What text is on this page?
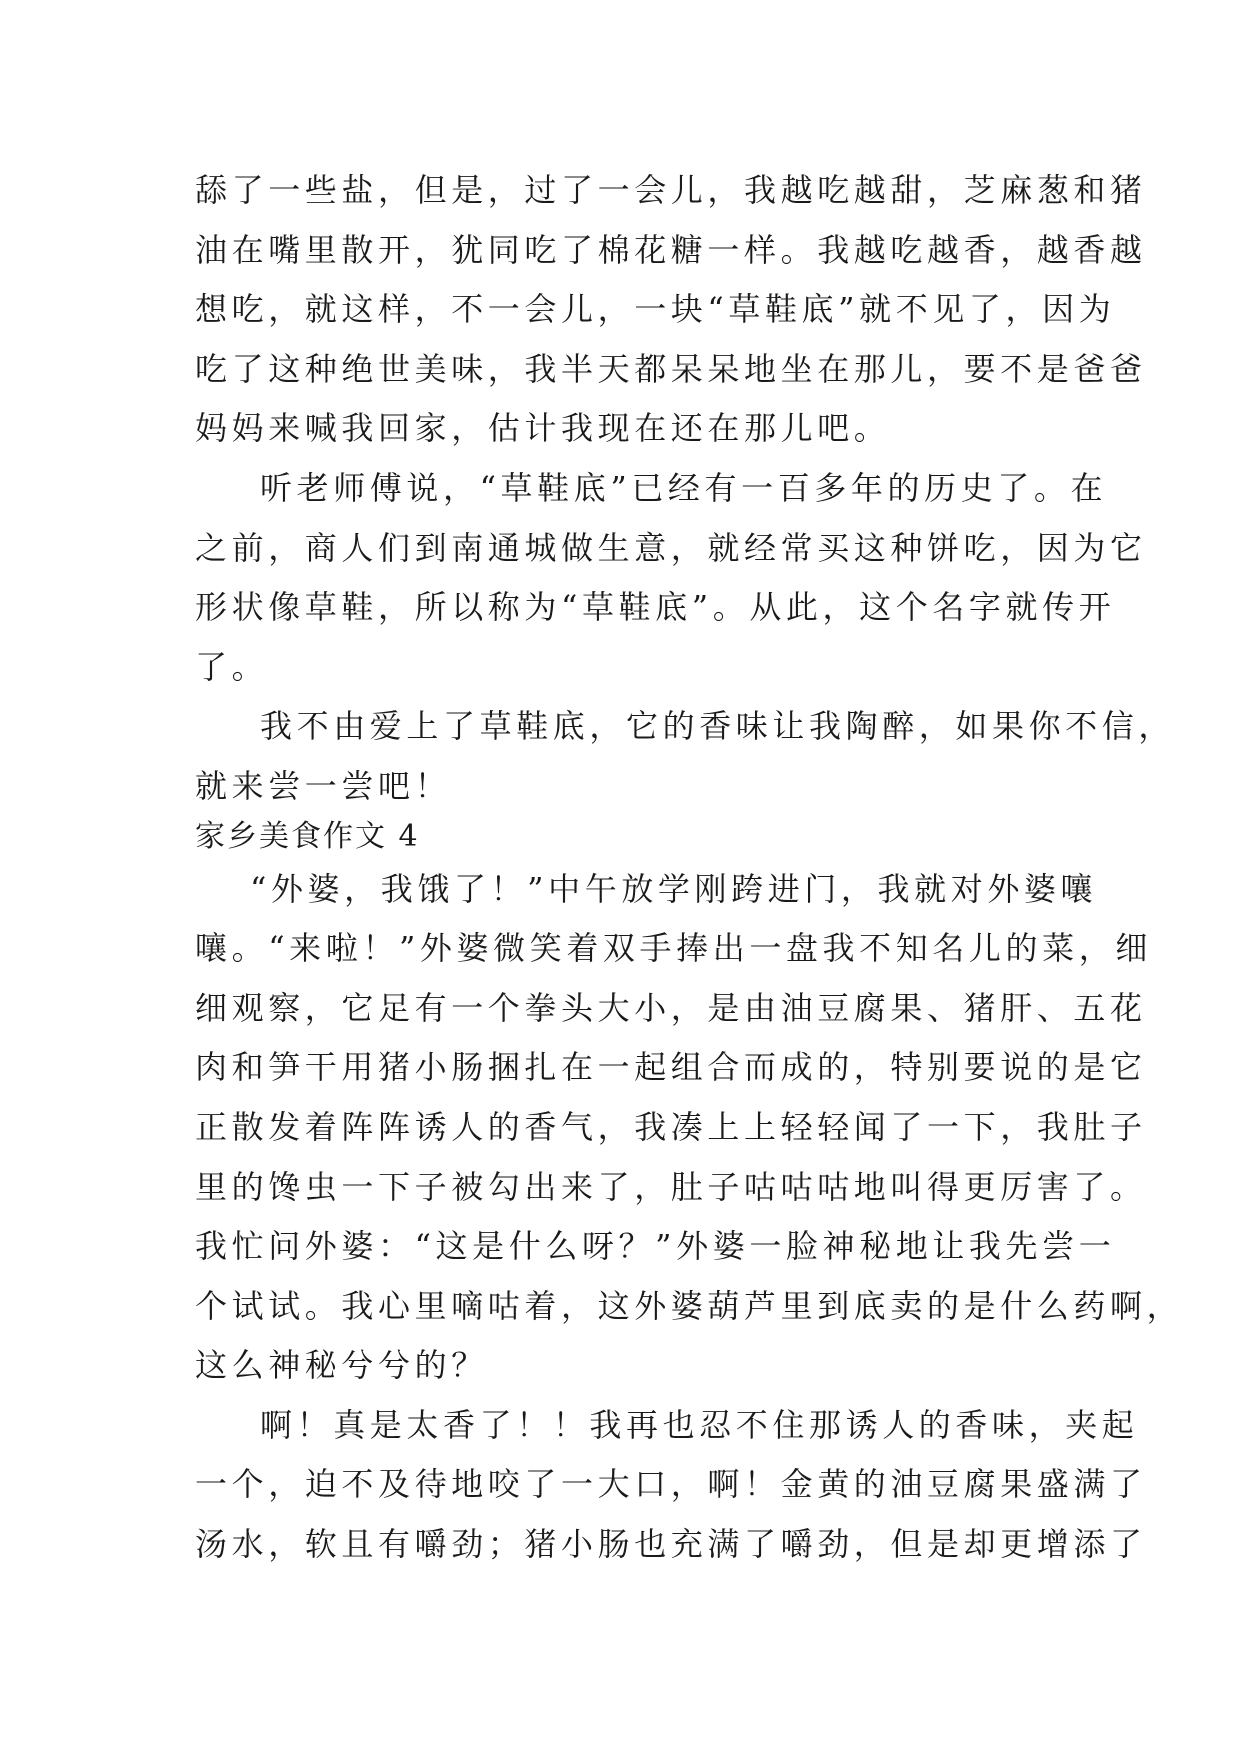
舔了一些盐，但是，过了一会儿，我越吃越甜，芝麻葱和猪
油在嘴里散开，犹同吃了棉花糖一样。我越吃越香，越香越
想吃，就这样，不一会儿，一块“草鞋底”就不见了，因为
吃了这种绝世美味，我半天都呆呆地坐在那儿，要不是爸爸
妈妈来喊我回家，估计我现在还在那儿吧。
听老师傅说，“草鞋底”已经有一百多年的历史了。在
之前，商人们到南通城做生意，就经常买这种饼吃，因为它
形状像草鞋，所以称为“草鞋底”。从此，这个名字就传开
了。
我不由爱上了草鞋底，它的香味让我陶醉，如果你不信，
就来尝一尝吧！
家乡美食作文 4
“外婆，我饿了！”中午放学刚跨进门，我就对外婆嚷
嚷。“来啦！”外婆微笑着双手捧出一盘我不知名儿的菜，细
细观察，它足有一个拳头大小，是由油豆腐果、猪肝、五花
肉和笋干用猪小肠捆扎在一起组合而成的，特别要说的是它
正散发着阵阵诱人的香气，我凑上上轻轻闻了一下，我肚子
里的馋虫一下子被勾出来了，肚子咕咕咕地叫得更厉害了。
我忙问外婆：“这是什么呀？”外婆一脸神秘地让我先尝一
个试试。我心里嘀咕着，这外婆葫芦里到底卖的是什么药啊，
这么神秘兮兮的？
啊！真是太香了！！我再也忍不住那诱人的香味，夹起
一个，迫不及待地咬了一大口，啊！金黄的油豆腐果盛满了
汤水，软且有嚼劲；猪小肠也充满了嚼劲，但是却更增添了
